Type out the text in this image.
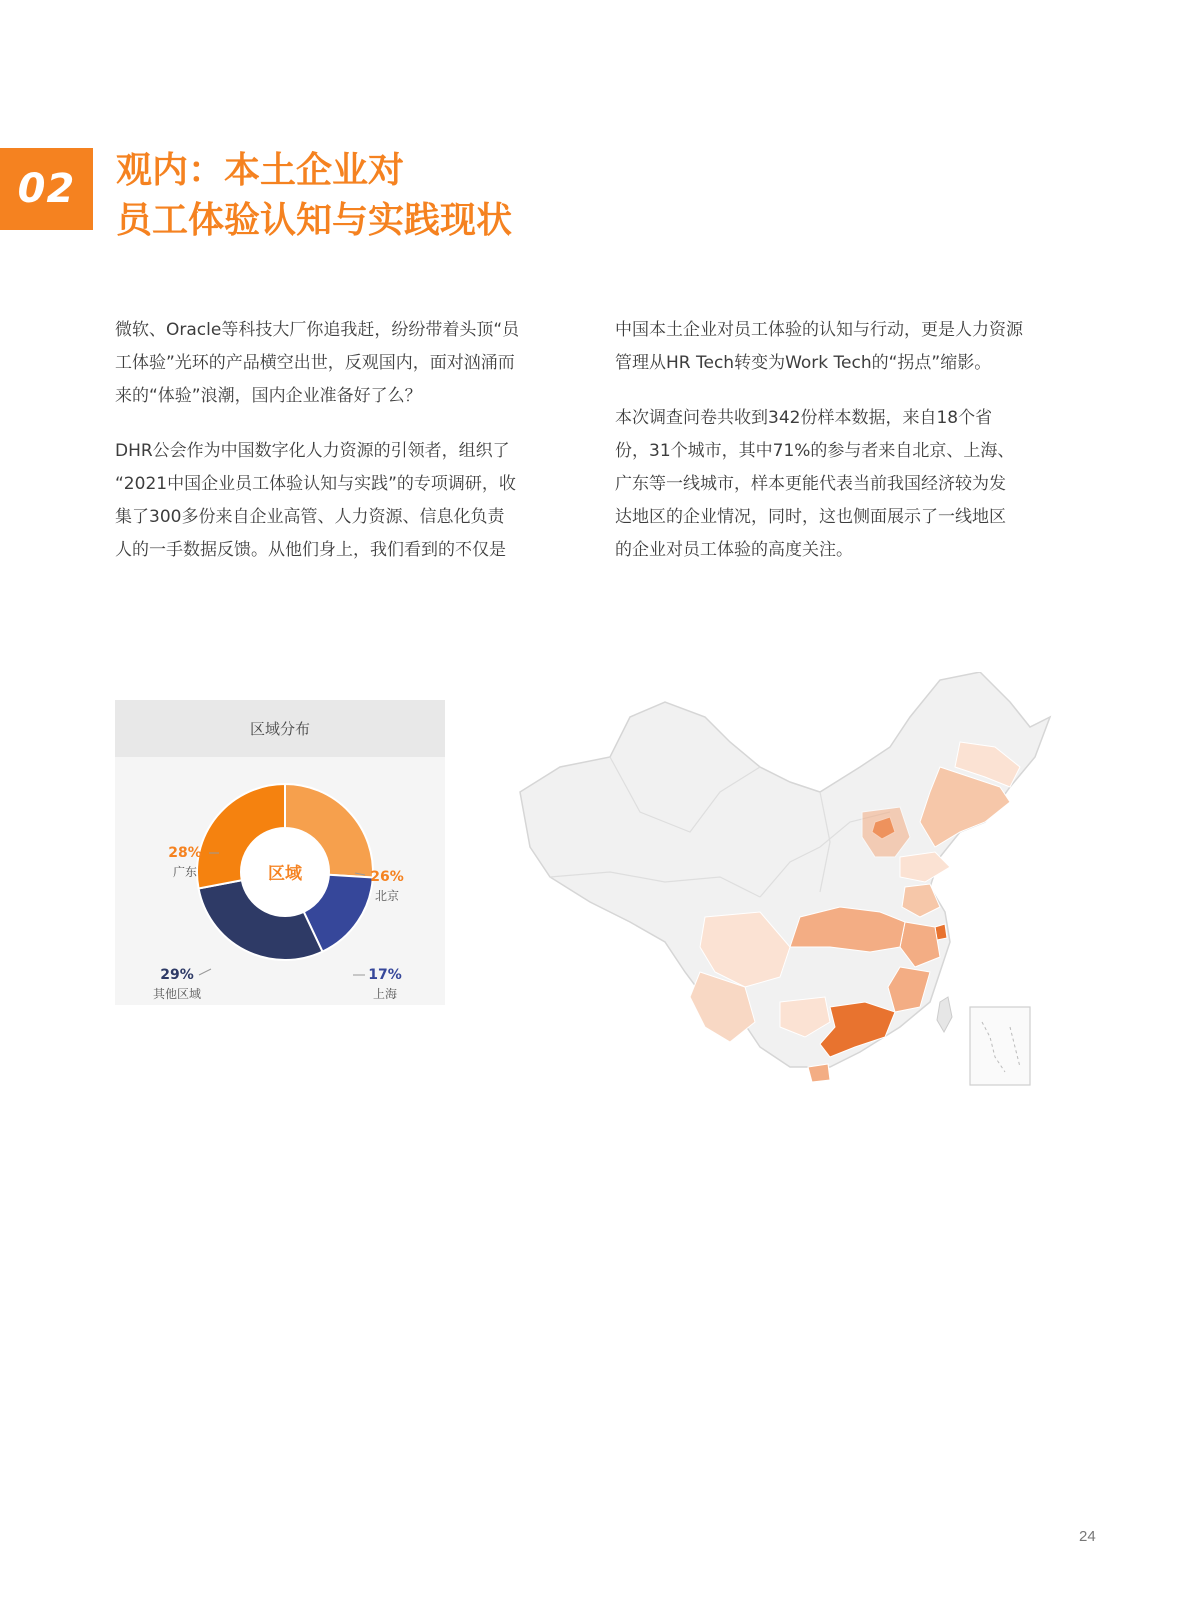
02 观内：本土企业对
员工体验认知与实践现状

微软、Oracle等科技大厂你追我赶，纷纷带着头顶“员
工体验”光环的产品横空出世，反观国内，面对汹涌而
来的“体验”浪潮，国内企业准备好了么？

DHR公会作为中国数字化人力资源的引领者，组织了
“2021中国企业员工体验认知与实践”的专项调研，收
集了300多份来自企业高管、人力资源、信息化负责
人的一手数据反馈。从他们身上，我们看到的不仅是

中国本土企业对员工体验的认知与行动，更是人力资源
管理从HR Tech转变为Work Tech的“拐点”缩影。

本次调查问卷共收到342份样本数据，来自18个省
份，31个城市，其中71%的参与者来自北京、上海、
广东等一线城市，样本更能代表当前我国经济较为发
达地区的企业情况，同时，这也侧面展示了一线地区
的企业对员工体验的高度关注。

区域分布
区域
28%
广东	26%
北京
17%
上海
29%
其他区域
24
